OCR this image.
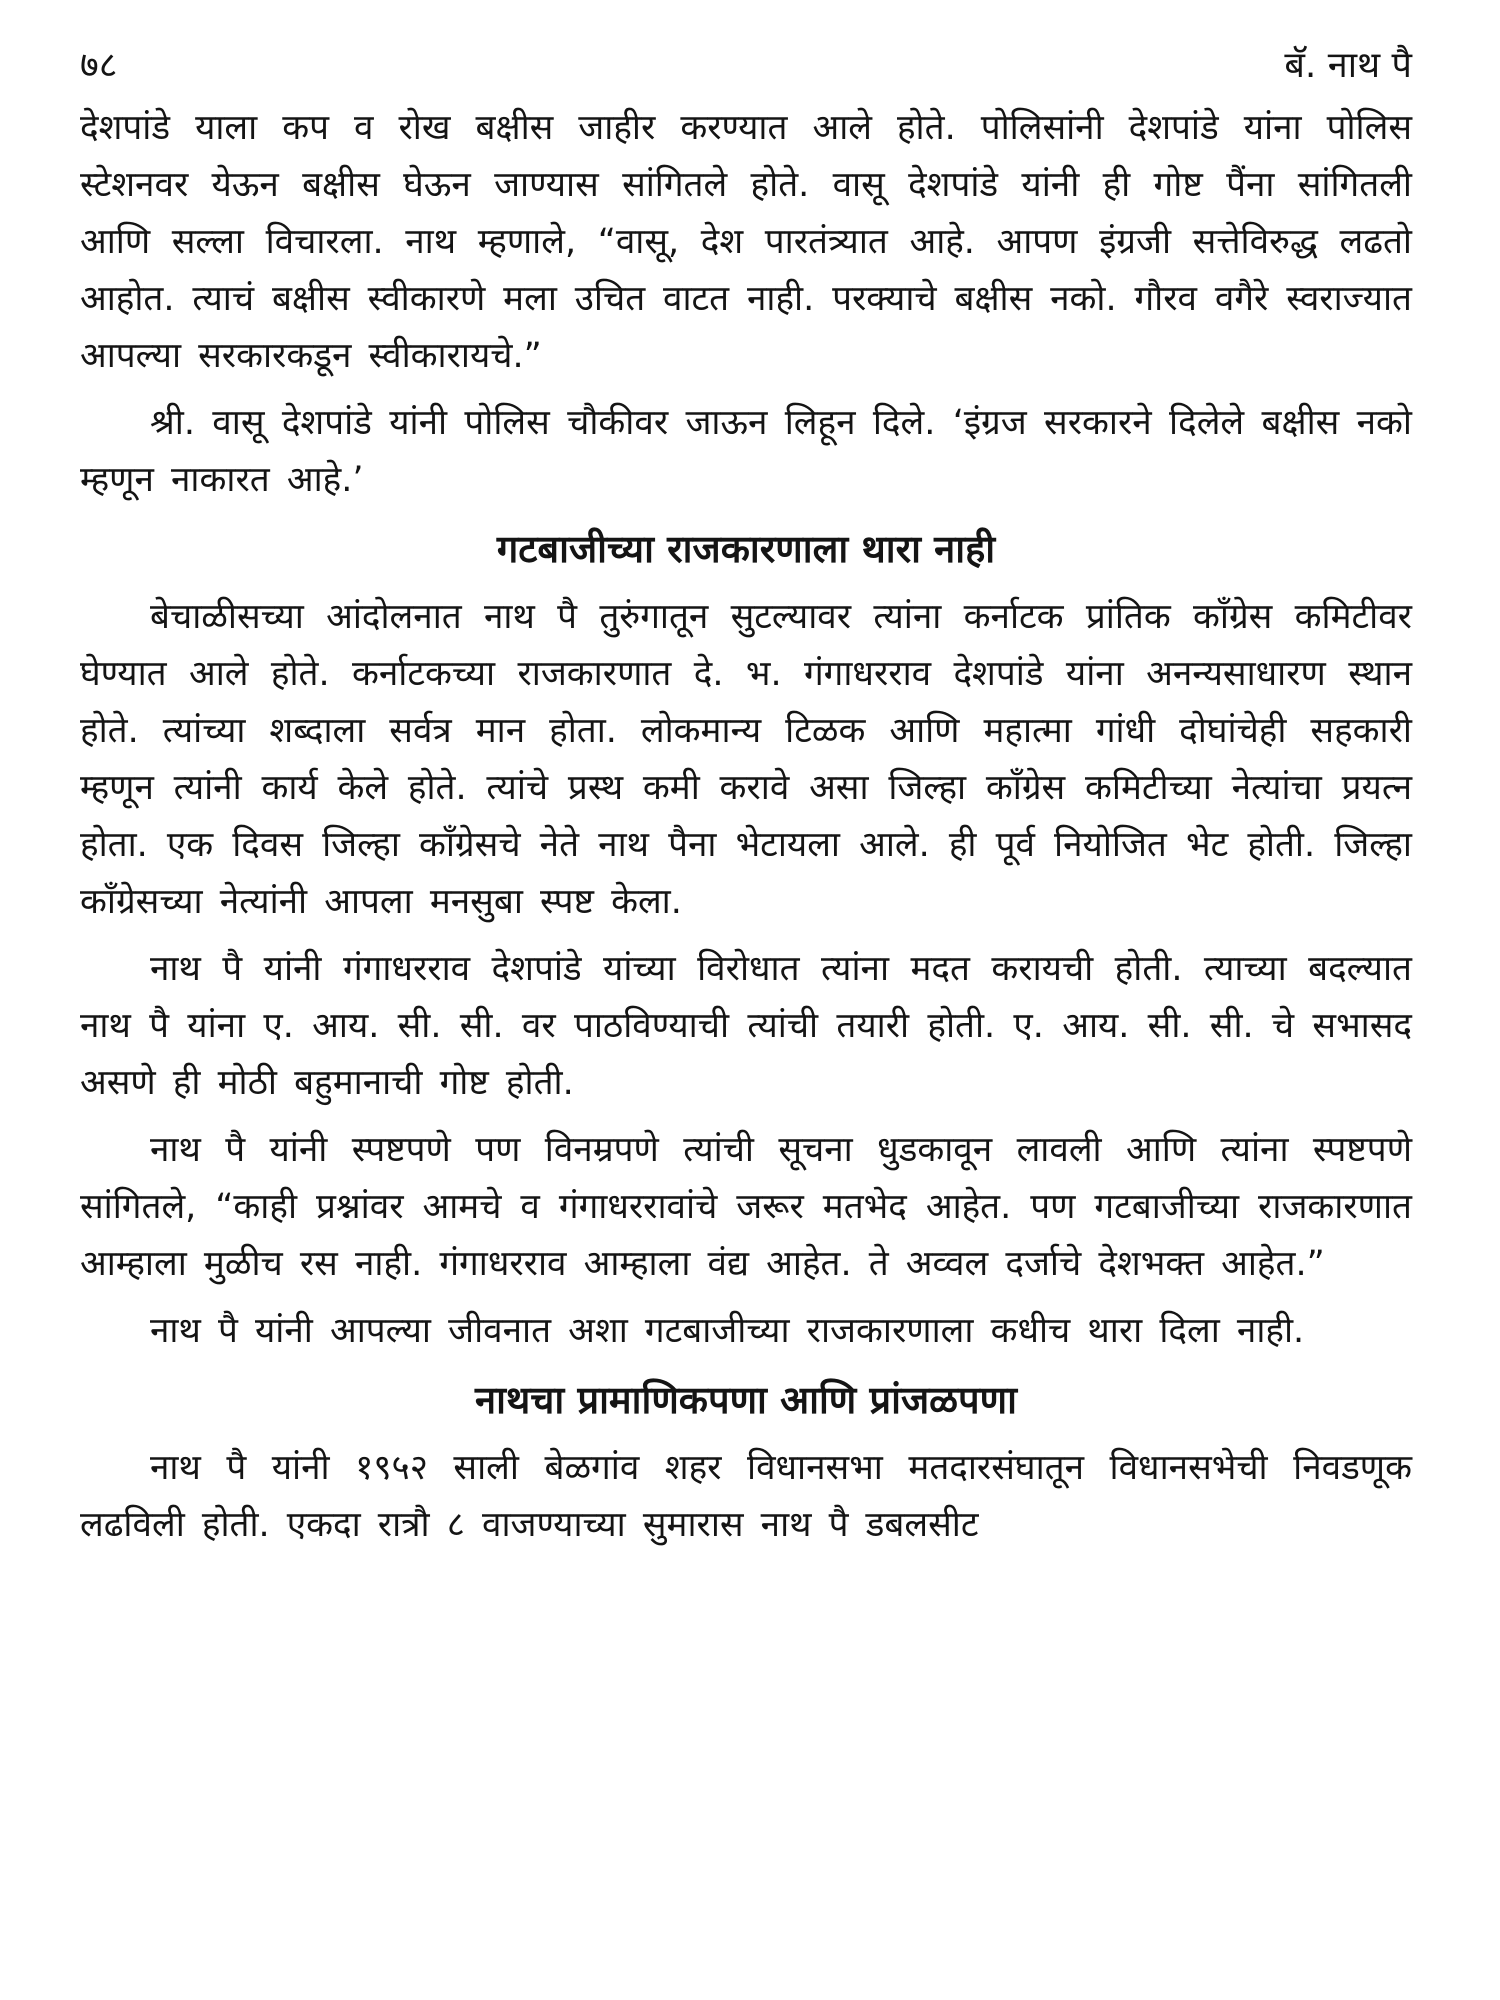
७८	बॅ. नाथ पै

देशपांडे याला कप व रोख बक्षीस जाहीर करण्यात आले होते. पोलिसांनी देशपांडे यांना पोलिस स्टेशनवर येऊन बक्षीस घेऊन जाण्यास सांगितले होते. वासू देशपांडे यांनी ही गोष्ट पैंना सांगितली आणि सल्ला विचारला. नाथ म्हणाले, “वासू, देश पारतंत्र्यात आहे. आपण इंग्रजी सत्तेविरुद्ध लढतो आहोत. त्याचं बक्षीस स्वीकारणे मला उचित वाटत नाही. परक्याचे बक्षीस नको. गौरव वगैरे स्वराज्यात आपल्या सरकारकडून स्वीकारायचे.”

श्री. वासू देशपांडे यांनी पोलिस चौकीवर जाऊन लिहून दिले. ‘इंग्रज सरकारने दिलेले बक्षीस नको म्हणून नाकारत आहे.’

गटबाजीच्या राजकारणाला थारा नाही

बेचाळीसच्या आंदोलनात नाथ पै तुरुंगातून सुटल्यावर त्यांना कर्नाटक प्रांतिक काँग्रेस कमिटीवर घेण्यात आले होते. कर्नाटकच्या राजकारणात दे. भ. गंगाधरराव देशपांडे यांना अनन्यसाधारण स्थान होते. त्यांच्या शब्दाला सर्वत्र मान होता. लोकमान्य टिळक आणि महात्मा गांधी दोघांचेही सहकारी म्हणून त्यांनी कार्य केले होते. त्यांचे प्रस्थ कमी करावे असा जिल्हा काँग्रेस कमिटीच्या नेत्यांचा प्रयत्न होता. एक दिवस जिल्हा काँग्रेसचे नेते नाथ पैना भेटायला आले. ही पूर्व नियोजित भेट होती. जिल्हा काँग्रेसच्या नेत्यांनी आपला मनसुबा स्पष्ट केला.

नाथ पै यांनी गंगाधरराव देशपांडे यांच्या विरोधात त्यांना मदत करायची होती. त्याच्या बदल्यात नाथ पै यांना ए. आय. सी. सी. वर पाठविण्याची त्यांची तयारी होती. ए. आय. सी. सी. चे सभासद असणे ही मोठी बहुमानाची गोष्ट होती.

नाथ पै यांनी स्पष्टपणे पण विनम्रपणे त्यांची सूचना धुडकावून लावली आणि त्यांना स्पष्टपणे सांगितले, “काही प्रश्नांवर आमचे व गंगाधररावांचे जरूर मतभेद आहेत. पण गटबाजीच्या राजकारणात आम्हाला मुळीच रस नाही. गंगाधरराव आम्हाला वंद्य आहेत. ते अव्वल दर्जाचे देशभक्त आहेत.”

नाथ पै यांनी आपल्या जीवनात अशा गटबाजीच्या राजकारणाला कधीच थारा दिला नाही.

नाथचा प्रामाणिकपणा आणि प्रांजळपणा

नाथ पै यांनी १९५२ साली बेळगांव शहर विधानसभा मतदारसंघातून विधानसभेची निवडणूक लढविली होती. एकदा रात्रौ ८ वाजण्याच्या सुमारास नाथ पै डबलसीट
